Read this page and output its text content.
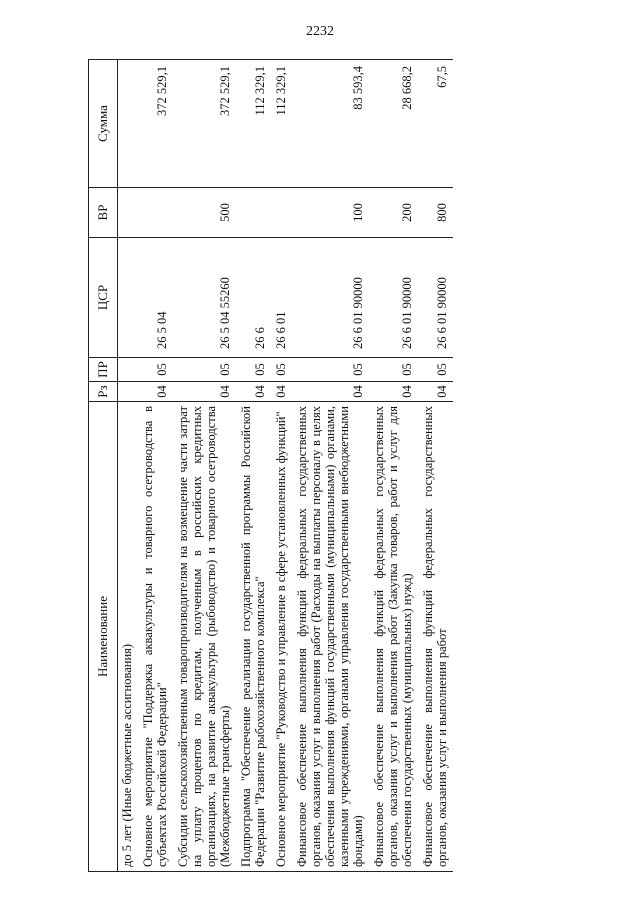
2232
Наименование	Рз	ПР	ЦСР	ВР	Сумма
до 5 лет (Иные бюджетные ассигнования)					
Основное мероприятие "Поддержка аквакультуры и товарного осетроводства в субъектах Российской Федерации"	04	05	26 5 04		372 529,1
Субсидии сельскохозяйственным товаропроизводителям на возмещение части затрат на уплату процентов по кредитам, полученным в российских кредитных организациях, на развитие аквакультуры (рыбоводство) и товарного осетроводства (Межбюджетные трансферты)	04	05	26 5 04 55260	500	372 529,1
Подпрограмма "Обеспечение реализации государственной программы Российской Федерации "Развитие рыбохозяйственного комплекса"	04	05	26 6		112 329,1
Основное мероприятие "Руководство и управление в сфере установленных функций"	04	05	26 6 01		112 329,1
Финансовое обеспечение выполнения функций федеральных государственных органов, оказания услуг и выполнения работ (Расходы на выплаты персоналу в целях обеспечения выполнения функций государственными (муниципальными) органами, казенными учреждениями, органами управления государственными внебюджетными фондами)	04	05	26 6 01 90000	100	83 593,4
Финансовое обеспечение выполнения функций федеральных государственных органов, оказания услуг и выполнения работ (Закупка товаров, работ и услуг для обеспечения государственных (муниципальных) нужд)	04	05	26 6 01 90000	200	28 668,2
Финансовое обеспечение выполнения функций федеральных государственных органов, оказания услуг и выполнения работ	04	05	26 6 01 90000	800	67,5
